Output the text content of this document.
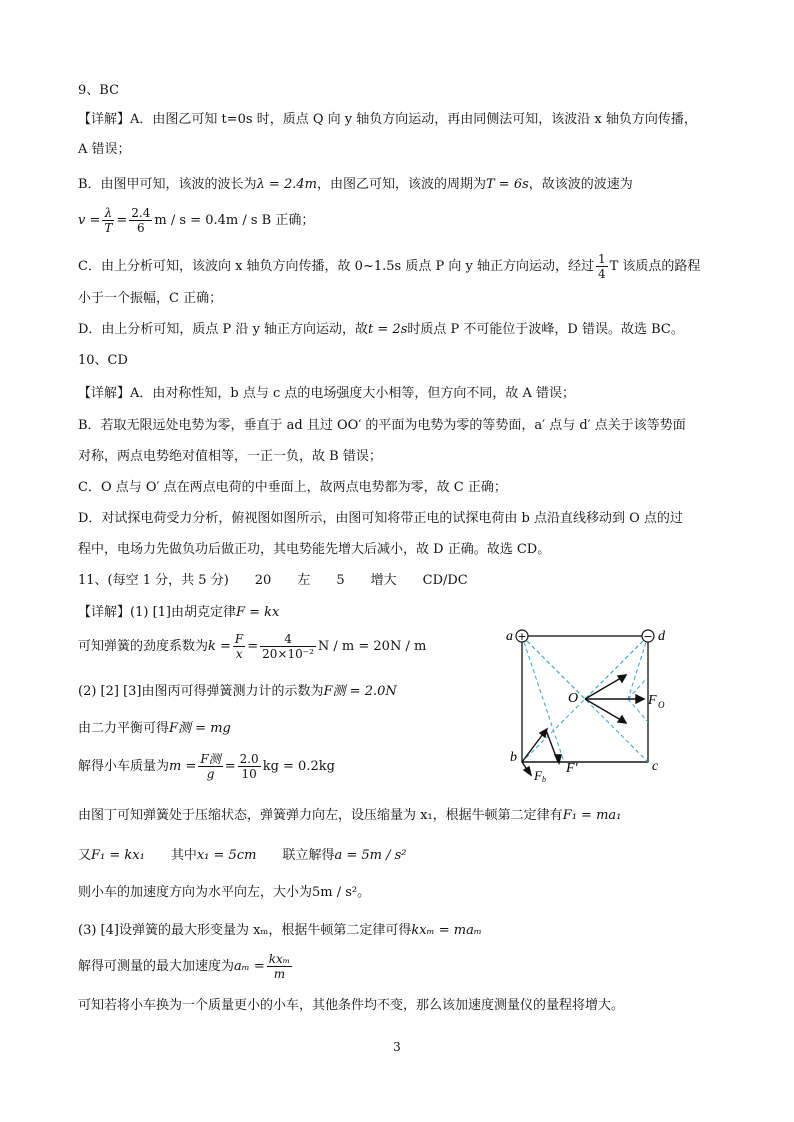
9、BC
【详解】A．由图乙可知 t=0s 时，质点 Q 向 y 轴负方向运动，再由同侧法可知，该波沿 x 轴负方向传播，
A 错误；
B．由图甲可知，该波的波长为λ = 2.4m，由图乙可知，该波的周期为T = 6s，故该波的波速为
$v = \frac{\lambda}{T} = \frac{2.4}{6}$ m / s = 0.4m / s B 正确；
C．由上分析可知，该波向 x 轴负方向传播，故 0~1.5s 质点 P 向 y 轴正方向运动，经过 $\frac{1}{4}$ T 该质点的路程
小于一个振幅，C 正确；
D．由上分析可知，质点 P 沿 y 轴正方向运动，故t = 2s时质点 P 不可能位于波峰，D 错误。故选 BC。
10、CD
【详解】A．由对称性知，b 点与 c 点的电场强度大小相等，但方向不同，故 A 错误；
B．若取无限远处电势为零，垂直于 ad 且过 OO′ 的平面为电势为零的等势面，a′ 点与 d′ 点关于该等势面
对称，两点电势绝对值相等，一正一负，故 B 错误；
C．O 点与 O′ 点在两点电荷的中垂面上，故两点电势都为零，故 C 正确；
D．对试探电荷受力分析，俯视图如图所示，由图可知将带正电的试探电荷由 b 点沿直线移动到 O 点的过
程中，电场力先做负功后做正功，其电势能先增大后减小，故 D 正确。故选 CD。
11、(每空 1 分，共 5 分) 20 左 5 增大 CD/DC
【详解】(1) [1]由胡克定律F = kx
可知弹簧的劲度系数为$k = \frac{F}{x} = \frac{4}{\text{20×10⁻²}}$ N / m = 20N / m
(2) [2] [3]由图丙可得弹簧测力计的示数为F测 = 2.0N
由二力平衡可得F测 = mg
解得小车质量为$m = \frac{\text{F测}}{g} = \frac{2.0}{10}$ kg = 0.2kg
由图丁可知弹簧处于压缩状态，弹簧弹力向左，设压缩量为 x₁，根据牛顿第二定律有F₁ = ma₁
又F₁ = kx₁ 其中x₁ = 5cm 联立解得a = 5m / s²
则小车的加速度方向为水平向左，大小为5m / s²。
(3) [4]设弹簧的最大形变量为 xₘ，根据牛顿第二定律可得kxₘ = maₘ
解得可测量的最大加速度为$a_m = \frac{\text{kxₘ}}{m}$
可知若将小车换为一个质量更小的小车，其他条件均不变，那么该加速度测量仪的量程将增大。
+	−
a	d
b
c
O	F O
F′
F b
3
